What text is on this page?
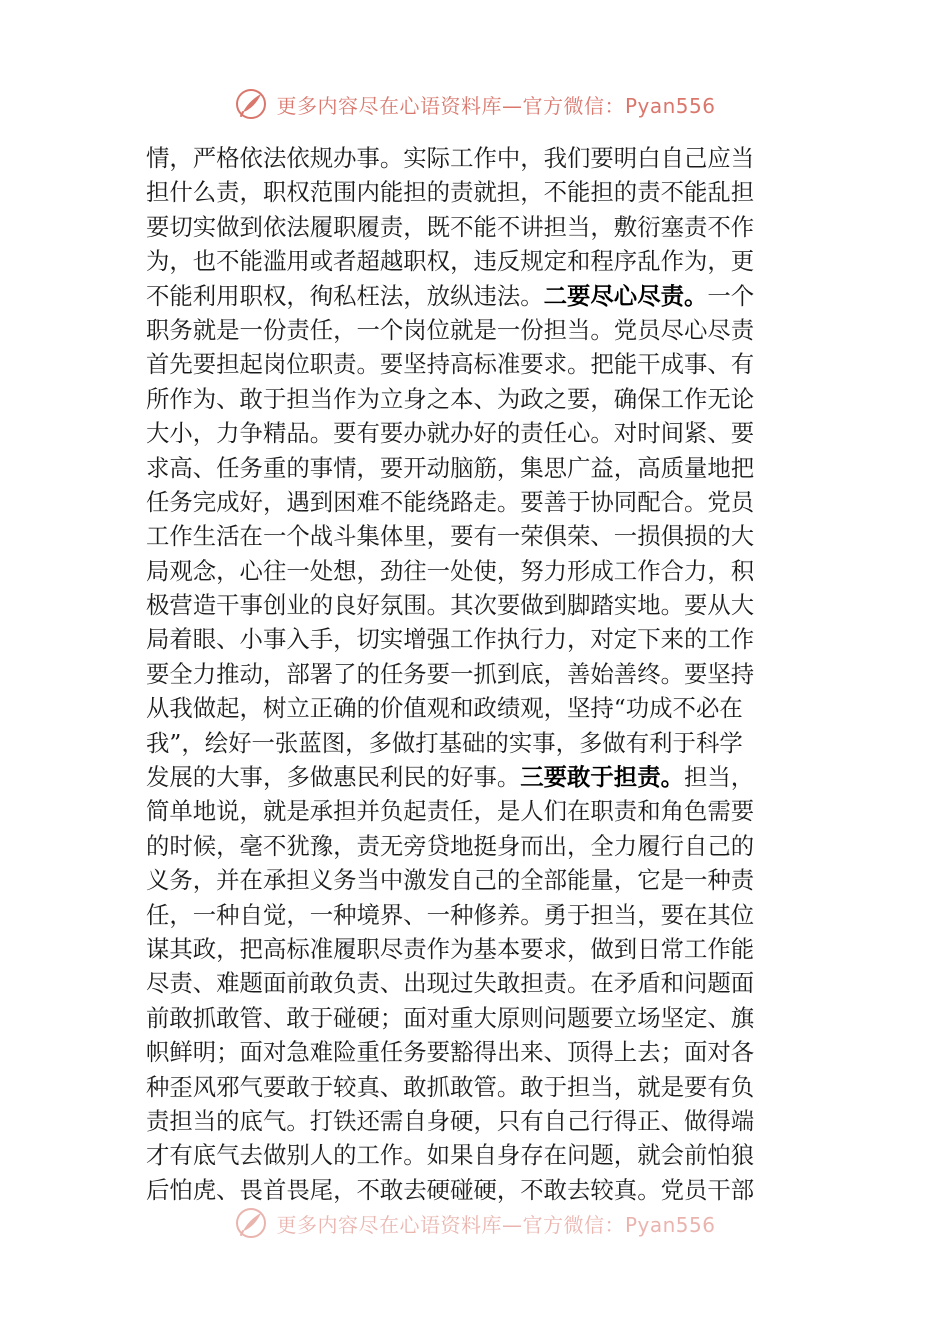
更多内容尽在心语资料库—官方微信：Pyan556
情，严格依法依规办事。实际工作中，我们要明白自己应当
担什么责，职权范围内能担的责就担，不能担的责不能乱担
要切实做到依法履职履责，既不能不讲担当，敷衍塞责不作
为，也不能滥用或者超越职权，违反规定和程序乱作为，更
不能利用职权，徇私枉法，放纵违法。二要尽心尽责。一个
职务就是一份责任，一个岗位就是一份担当。党员尽心尽责
首先要担起岗位职责。要坚持高标准要求。把能干成事、有
所作为、敢于担当作为立身之本、为政之要，确保工作无论
大小，力争精品。要有要办就办好的责任心。对时间紧、要
求高、任务重的事情，要开动脑筋，集思广益，高质量地把
任务完成好，遇到困难不能绕路走。要善于协同配合。党员
工作生活在一个战斗集体里，要有一荣俱荣、一损俱损的大
局观念，心往一处想，劲往一处使，努力形成工作合力，积
极营造干事创业的良好氛围。其次要做到脚踏实地。要从大
局着眼、小事入手，切实增强工作执行力，对定下来的工作
要全力推动，部署了的任务要一抓到底，善始善终。要坚持
从我做起，树立正确的价值观和政绩观，坚持“功成不必在
我”，绘好一张蓝图，多做打基础的实事，多做有利于科学
发展的大事，多做惠民利民的好事。三要敢于担责。担当，
简单地说，就是承担并负起责任，是人们在职责和角色需要
的时候，毫不犹豫，责无旁贷地挺身而出，全力履行自己的
义务，并在承担义务当中激发自己的全部能量，它是一种责
任，一种自觉，一种境界、一种修养。勇于担当，要在其位
谋其政，把高标准履职尽责作为基本要求，做到日常工作能
尽责、难题面前敢负责、出现过失敢担责。在矛盾和问题面
前敢抓敢管、敢于碰硬；面对重大原则问题要立场坚定、旗
帜鲜明；面对急难险重任务要豁得出来、顶得上去；面对各
种歪风邪气要敢于较真、敢抓敢管。敢于担当，就是要有负
责担当的底气。打铁还需自身硬，只有自己行得正、做得端
才有底气去做别人的工作。如果自身存在问题，就会前怕狼
后怕虎、畏首畏尾，不敢去硬碰硬，不敢去较真。党员干部
更多内容尽在心语资料库—官方微信：Pyan556
